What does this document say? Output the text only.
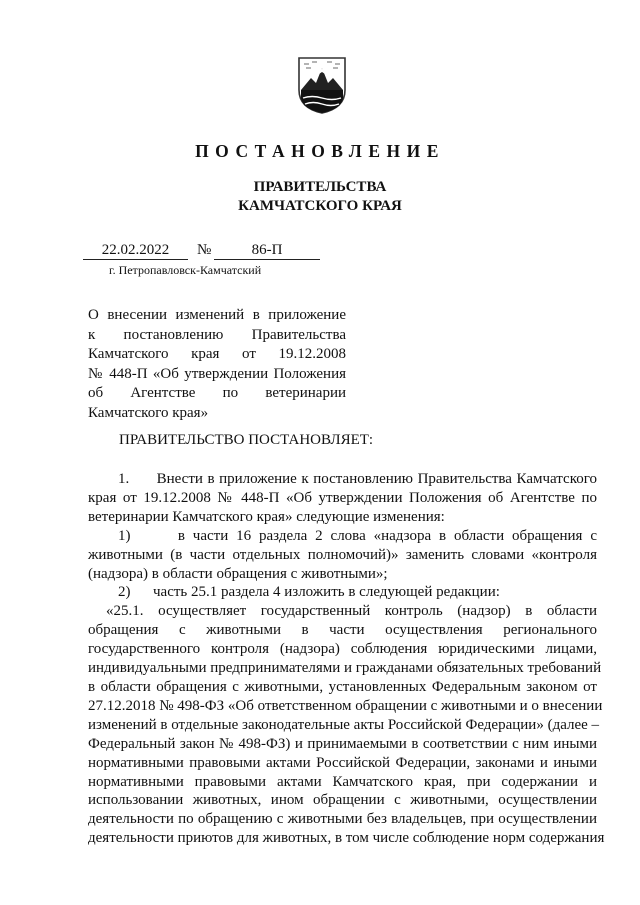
ПОСТАНОВЛЕНИЕ
ПРАВИТЕЛЬСТВА
КАМЧАТСКОГО КРАЯ
22.02.2022	№	86-П
г. Петропавловск-Камчатский

О внесении изменений в приложение

к постановлению Правительства

Камчатского края от 19.12.2008

№ 448-П «Об утверждении Положения

об Агентстве по ветеринарии

Камчатского края»

ПРАВИТЕЛЬСТВО ПОСТАНОВЛЯЕТ:
1.      Внести в приложение к постановлению Правительства Камчатского
края от 19.12.2008 № 448-П «Об утверждении Положения об Агентстве по
ветеринарии Камчатского края» следующие изменения:
1)      в части 16 раздела 2 слова «надзора в области обращения с
животными (в части отдельных полномочий)» заменить словами «контроля
(надзора) в области обращения с животными»;
2)      часть 25.1 раздела 4 изложить в следующей редакции:
«25.1. осуществляет государственный контроль (надзор) в области
обращения с животными в части осуществления регионального
государственного контроля (надзора) соблюдения юридическими лицами,
индивидуальными предпринимателями и гражданами обязательных требований
в области обращения с животными, установленных Федеральным законом от
27.12.2018 № 498-ФЗ «Об ответственном обращении с животными и о внесении
изменений в отдельные законодательные акты Российской Федерации» (далее –
Федеральный закон № 498-ФЗ) и принимаемыми в соответствии с ним иными
нормативными правовыми актами Российской Федерации, законами и иными
нормативными правовыми актами Камчатского края, при содержании и
использовании животных, ином обращении с животными, осуществлении
деятельности по обращению с животными без владельцев, при осуществлении
деятельности приютов для животных, в том числе соблюдение норм содержания
